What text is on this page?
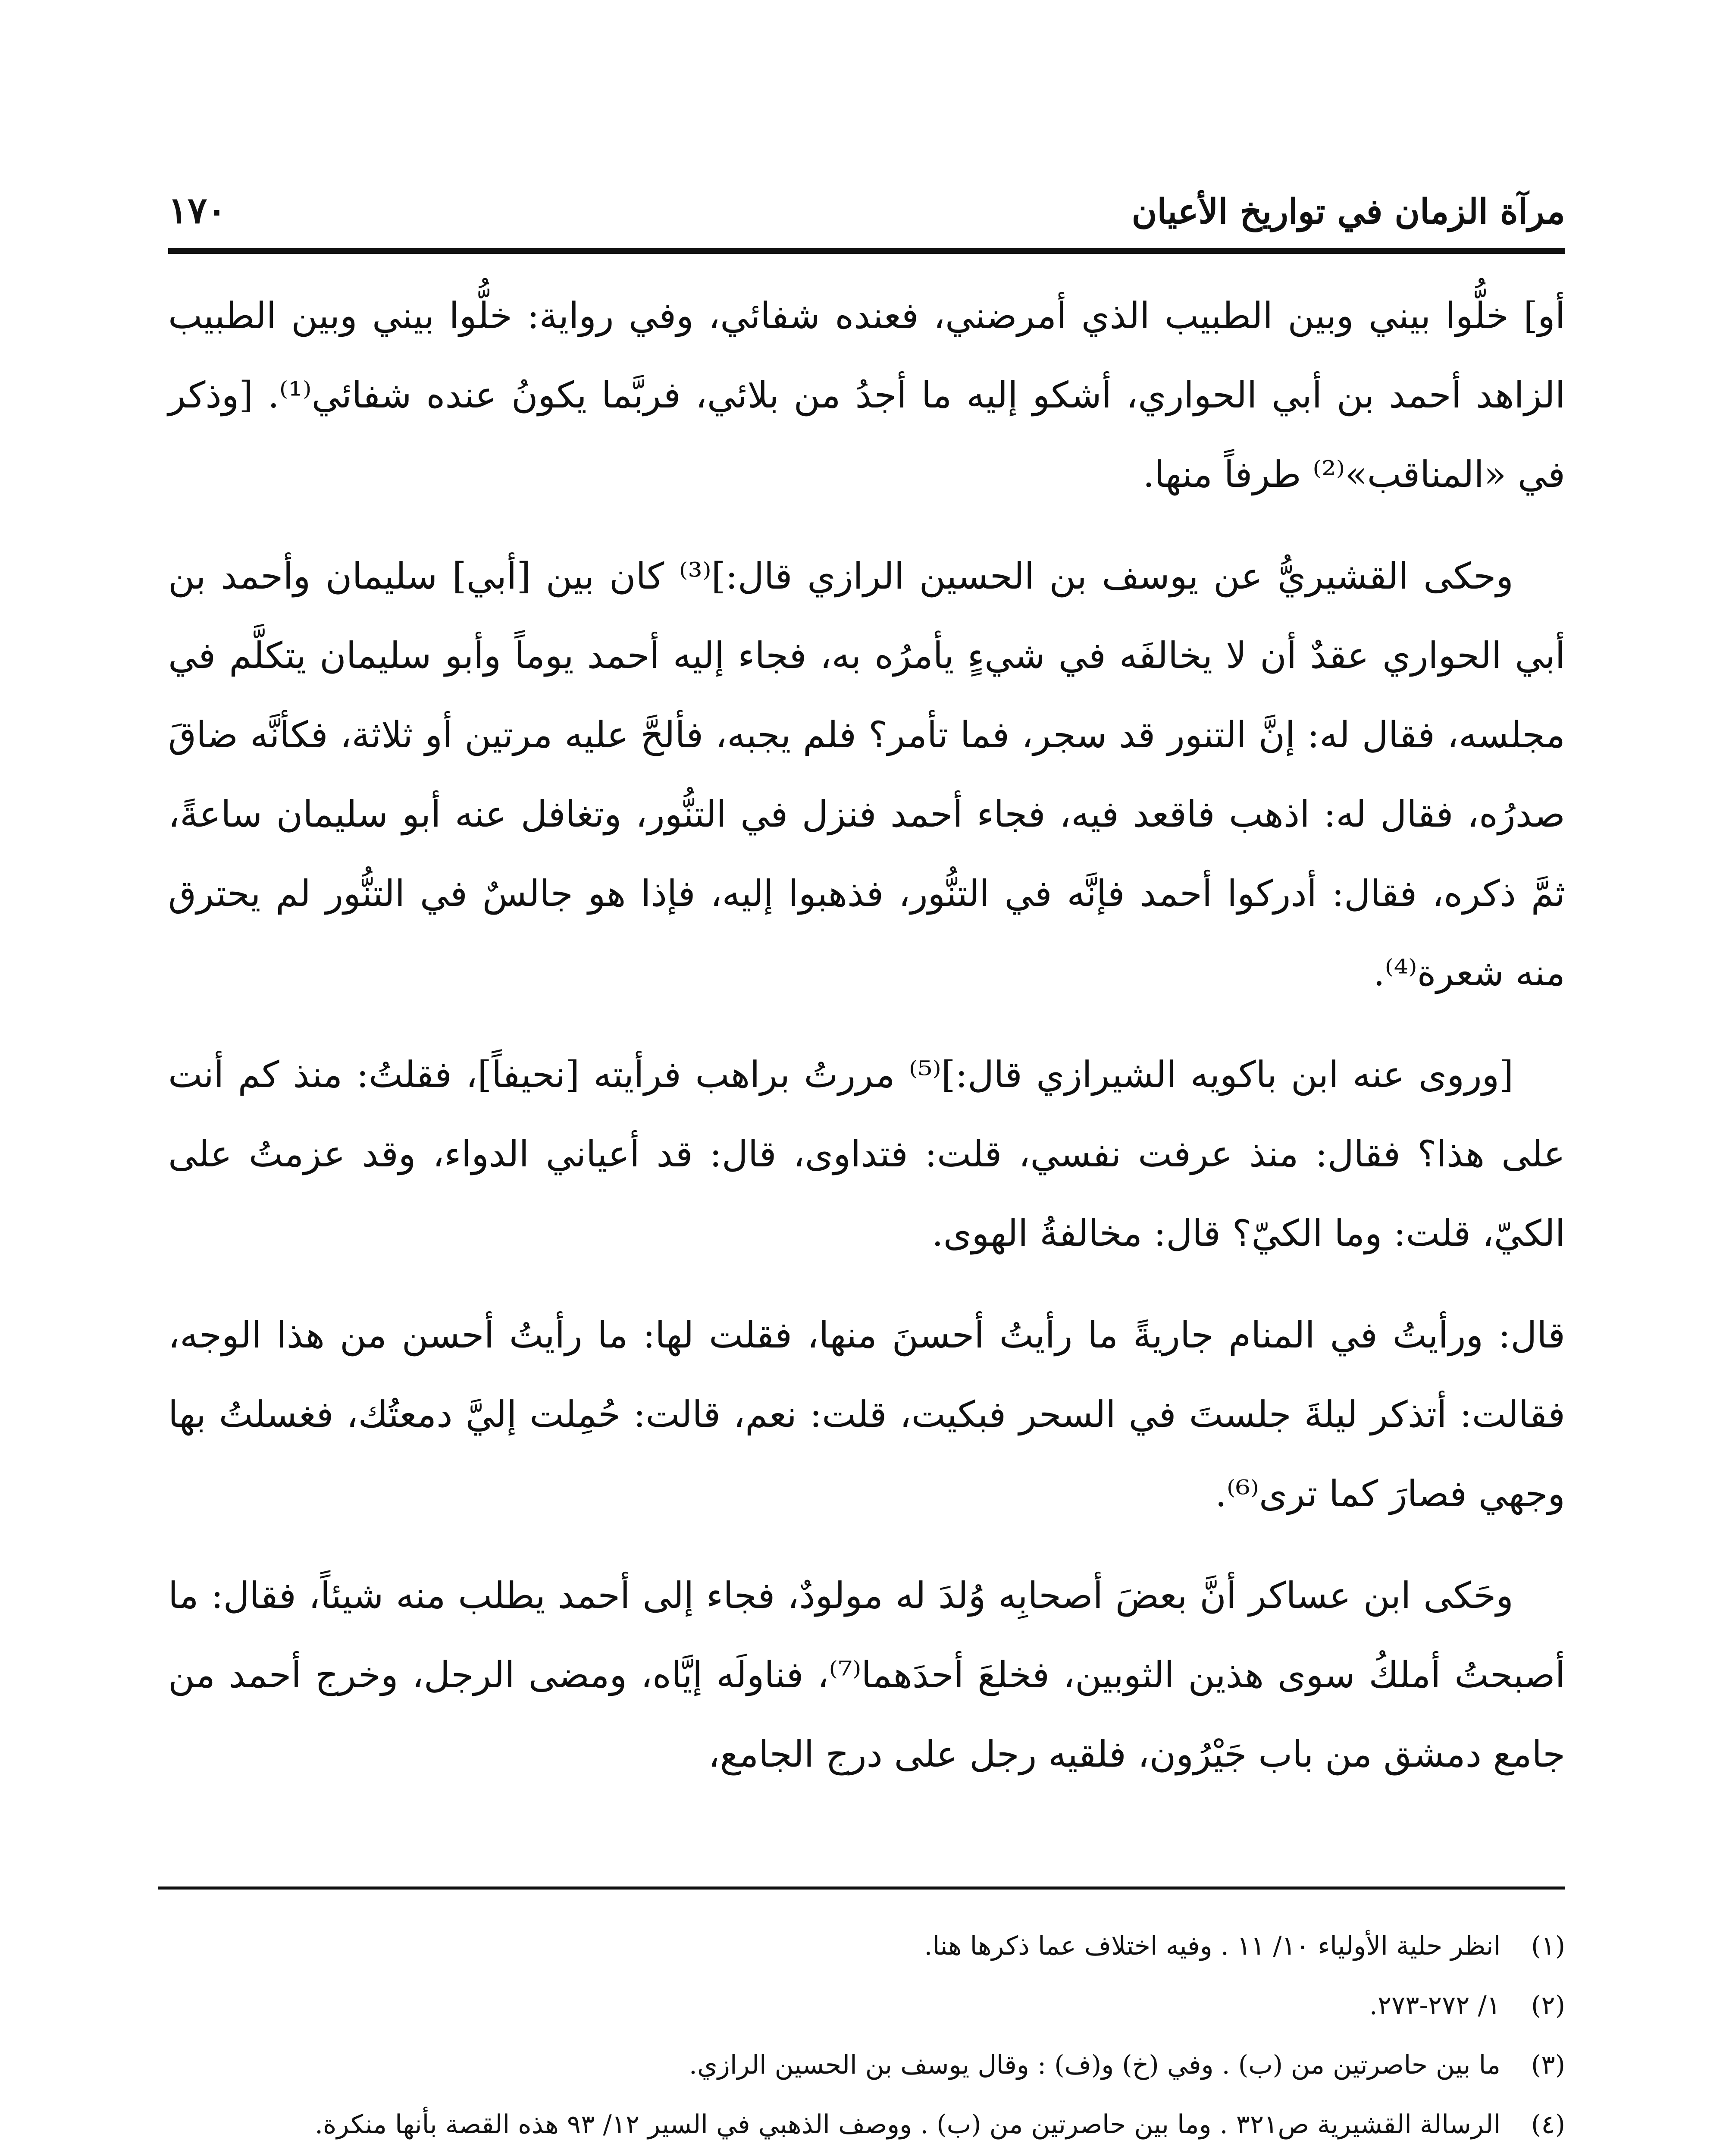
مرآة الزمان في تواريخ الأعيان
١٧٠

أو] خلُّوا بيني وبين الطبيب الذي أمرضني، فعنده شفائي، وفي رواية: خلُّوا بيني وبين الطبيب الزاهد أحمد بن أبي الحواري، أشكو إليه ما أجدُ من بلائي، فربَّما يكونُ عنده شفائي⁽¹⁾. [وذكر في «المناقب»⁽²⁾ طرفاً منها.

وحكى القشيريُّ عن يوسف بن الحسين الرازي قال:]⁽³⁾ كان بين [أبي] سليمان وأحمد بن أبي الحواري عقدٌ أن لا يخالفَه في شيءٍ يأمرُه به، فجاء إليه أحمد يوماً وأبو سليمان يتكلَّم في مجلسه، فقال له: إنَّ التنور قد سجر، فما تأمر؟ فلم يجبه، فألحَّ عليه مرتين أو ثلاثة، فكأنَّه ضاقَ صدرُه، فقال له: اذهب فاقعد فيه، فجاء أحمد فنزل في التنُّور، وتغافل عنه أبو سليمان ساعةً، ثمَّ ذكره، فقال: أدركوا أحمد فإنَّه في التنُّور، فذهبوا إليه، فإذا هو جالسٌ في التنُّور لم يحترق منه شعرة⁽⁴⁾.

[وروى عنه ابن باكويه الشيرازي قال:]⁽⁵⁾ مررتُ براهب فرأيته [نحيفاً]، فقلتُ: منذ كم أنت على هذا؟ فقال: منذ عرفت نفسي، قلت: فتداوى، قال: قد أعياني الدواء، وقد عزمتُ على الكيّ، قلت: وما الكيّ؟ قال: مخالفةُ الهوى.

قال: ورأيتُ في المنام جاريةً ما رأيتُ أحسنَ منها، فقلت لها: ما رأيتُ أحسن من هذا الوجه، فقالت: أتذكر ليلةَ جلستَ في السحر فبكيت، قلت: نعم، قالت: حُمِلت إليَّ دمعتُك، فغسلتُ بها وجهي فصارَ كما ترى⁽⁶⁾.

وحَكى ابن عساكر أنَّ بعضَ أصحابِه وُلدَ له مولودٌ، فجاء إلى أحمد يطلب منه شيئاً، فقال: ما أصبحتُ أملكُ سوى هذين الثوبين، فخلعَ أحدَهما⁽⁷⁾، فناولَه إيَّاه، ومضى الرجل، وخرج أحمد من جامع دمشق من باب جَيْرُون، فلقيه رجل على درج الجامع،

(١)
انظر حلية الأولياء ١٠/ ١١ . وفيه اختلاف عما ذكرها هنا.
(٢)
١/ ٢٧٢-٢٧٣.
(٣)
ما بين حاصرتين من (ب) . وفي (خ) و(ف) : وقال يوسف بن الحسين الرازي.
(٤)
الرسالة القشيرية ص٣٢١ . وما بين حاصرتين من (ب) . ووصف الذهبي في السير ١٢/ ٩٣ هذه القصة بأنها منكرة.
